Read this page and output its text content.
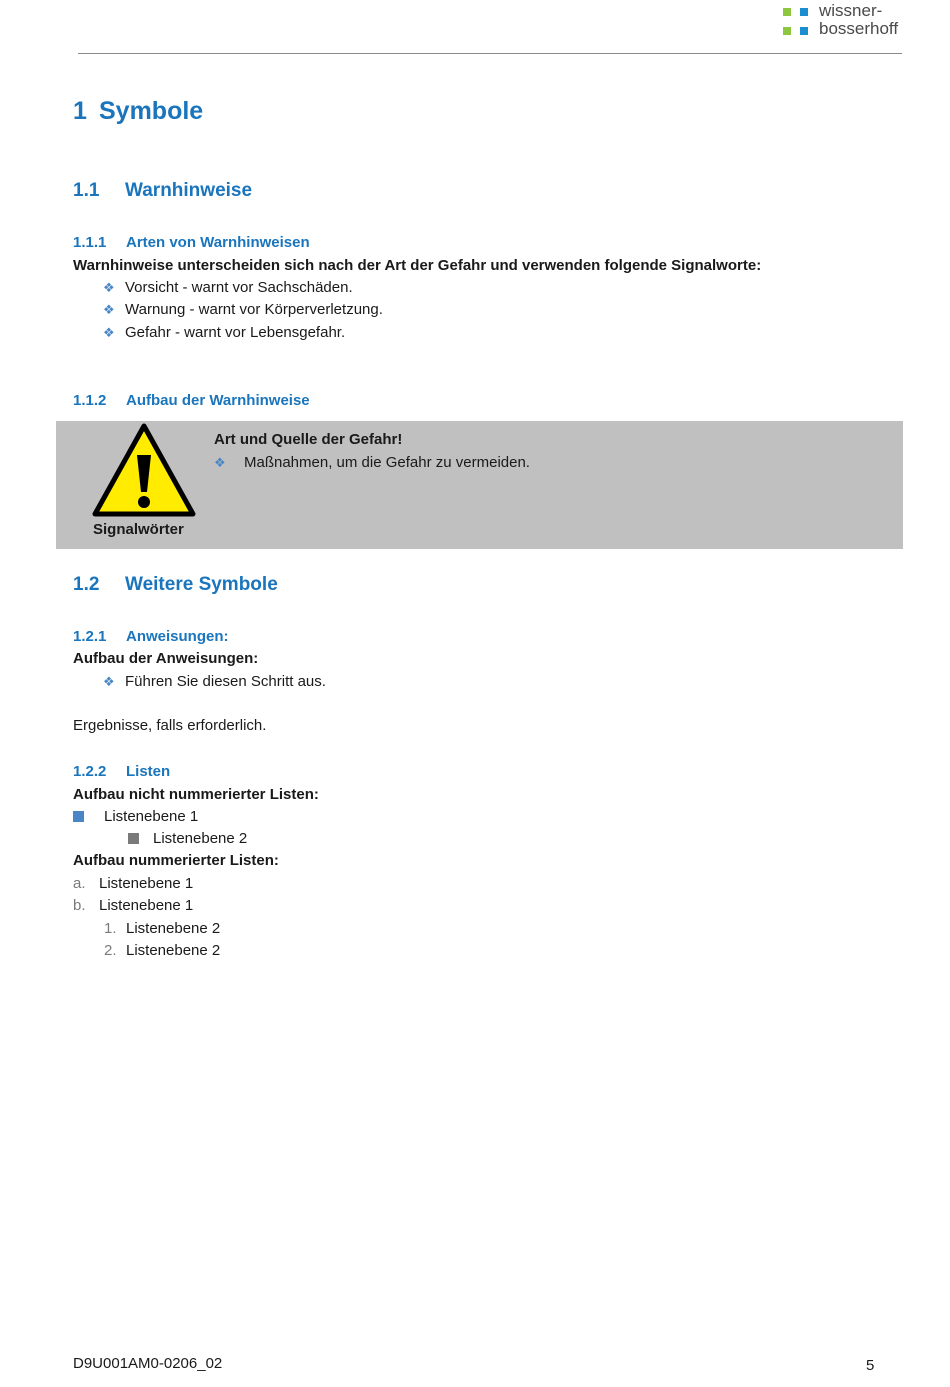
wissner-
bosserhoff
1 Symbole
1.1 Warnhinweise
1.1.1 Arten von Warnhinweisen
Warnhinweise unterscheiden sich nach der Art der Gefahr und verwenden folgende Signalworte:
❖ Vorsicht - warnt vor Sachschäden.
❖ Warnung - warnt vor Körperverletzung.
❖ Gefahr - warnt vor Lebensgefahr.
1.1.2 Aufbau der Warnhinweise
Signalwörter
Art und Quelle der Gefahr!
❖ Maßnahmen, um die Gefahr zu vermeiden.
1.2 Weitere Symbole
1.2.1 Anweisungen:
Aufbau der Anweisungen:
❖ Führen Sie diesen Schritt aus.
Ergebnisse, falls erforderlich.
1.2.2 Listen
Aufbau nicht nummerierter Listen:
Listenebene 1
Listenebene 2
Aufbau nummerierter Listen:
a. Listenebene 1
b. Listenebene 1
1. Listenebene 2
2. Listenebene 2
D9U001AM0-0206_02	5
